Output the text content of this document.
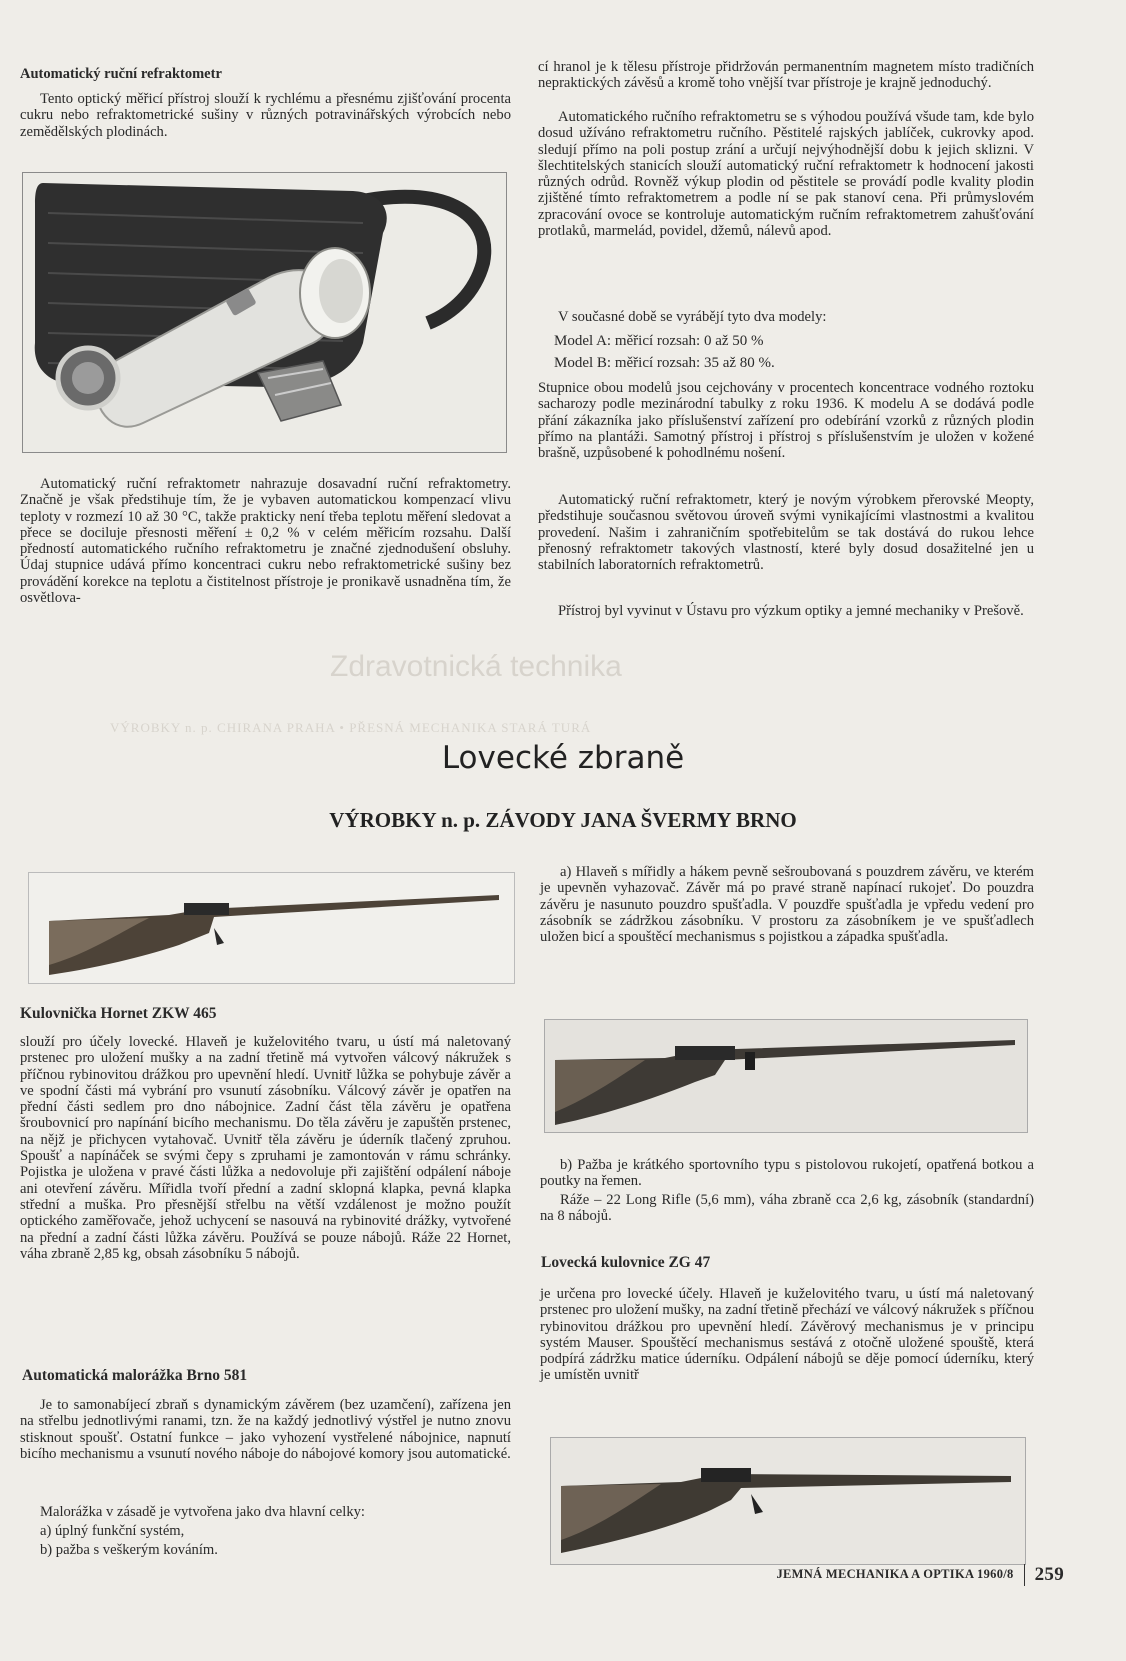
Zdravotnická technika
VÝROBKY n. p. CHIRANA PRAHA • PŘESNÁ MECHANIKA STARÁ TURÁ
Automatický ruční refraktometr

Tento optický měřicí přístroj slouží k rychlému a přesnému zjišťování procenta cukru nebo refraktometrické sušiny v různých potravinářských výrobcích nebo zemědělských plodinách.

Automatický ruční refraktometr nahrazuje dosavadní ruční refraktometry. Značně je však předstihuje tím, že je vybaven automatickou kompenzací vlivu teploty v rozmezí 10 až 30 °C, takže prakticky není třeba teplotu měření sledovat a přece se dociluje přesnosti měření ± 0,2 % v celém měřicím rozsahu. Další předností automatického ručního refraktometru je značné zjednodušení obsluhy. Údaj stupnice udává přímo koncentraci cukru nebo refraktometrické sušiny bez provádění korekce na teplotu a čistitelnost přístroje je pronikavě usnadněna tím, že osvětlova-

cí hranol je k tělesu přístroje přidržován permanentním magnetem místo tradičních nepraktických závěsů a kromě toho vnější tvar přístroje je krajně jednoduchý.

Automatického ručního refraktometru se s výhodou používá všude tam, kde bylo dosud užíváno refraktometru ručního. Pěstitelé rajských jablíček, cukrovky apod. sledují přímo na poli postup zrání a určují nejvýhodnější dobu k jejich sklizni. V šlechtitelských stanicích slouží automatický ruční refraktometr k hodnocení jakosti různých odrůd. Rovněž výkup plodin od pěstitele se provádí podle kvality plodin zjištěné tímto refraktometrem a podle ní se pak stanoví cena. Při průmyslovém zpracování ovoce se kontroluje automatickým ručním refraktometrem zahušťování protlaků, marmelád, povidel, džemů, nálevů apod.

V současné době se vyrábějí tyto dva modely:

Model A: měřicí rozsah: 0 až 50 %

Model B: měřicí rozsah: 35 až 80 %.

Stupnice obou modelů jsou cejchovány v procentech koncentrace vodného roztoku sacharozy podle mezinárodní tabulky z roku 1936. K modelu A se dodává podle přání zákazníka jako příslušenství zařízení pro odebírání vzorků z různých plodin přímo na plantáži. Samotný přístroj i přístroj s příslušenstvím je uložen v kožené brašně, uzpůsobené k pohodlnému nošení.

Automatický ruční refraktometr, který je novým výrobkem přerovské Meopty, předstihuje současnou světovou úroveň svými vynikajícími vlastnostmi a kvalitou provedení. Našim i zahraničním spotřebitelům se tak dostává do rukou lehce přenosný refraktometr takových vlastností, které byly dosud dosažitelné jen u stabilních laboratorních refraktometrů.

Přístroj byl vyvinut v Ústavu pro výzkum optiky a jemné mechaniky v Prešově.

Lovecké zbraně
VÝROBKY n. p. ZÁVODY JANA ŠVERMY BRNO
Kulovnička Hornet ZKW 465

slouží pro účely lovecké. Hlaveň je kuželovitého tvaru, u ústí má naletovaný prstenec pro uložení mušky a na zadní třetině má vytvořen válcový nákružek s příčnou rybinovitou drážkou pro upevnění hledí. Uvnitř lůžka se pohybuje závěr a ve spodní části má vybrání pro vsunutí zásobníku. Válcový závěr je opatřen na přední části sedlem pro dno nábojnice. Zadní část těla závěru je opatřena šroubovnicí pro napínání bicího mechanismu. Do těla závěru je zapuštěn prstenec, na nějž je přichycen vytahovač. Uvnitř těla závěru je úderník tlačený zpruhou. Spoušť a napínáček se svými čepy s zpruhami je zamontován v rámu schránky. Pojistka je uložena v pravé části lůžka a nedovoluje při zajištění odpálení náboje ani otevření závěru. Mířidla tvoří přední a zadní sklopná klapka, pevná klapka střední a muška. Pro přesnější střelbu na větší vzdálenost je možno použít optického zaměřovače, jehož uchycení se nasouvá na rybinovité drážky, vytvořené na přední a zadní části lůžka závěru. Používá se pouze nábojů. Ráže 22 Hornet, váha zbraně 2,85 kg, obsah zásobníku 5 nábojů.

Automatická malorážka Brno 581

Je to samonabíjecí zbraň s dynamickým závěrem (bez uzamčení), zařízena jen na střelbu jednotlivými ranami, tzn. že na každý jednotlivý výstřel je nutno znovu stisknout spoušť. Ostatní funkce – jako vyhození vystřelené nábojnice, napnutí bicího mechanismu a vsunutí nového náboje do nábojové komory jsou automatické.

Malorážka v zásadě je vytvořena jako dva hlavní celky:

a) úplný funkční systém,

b) pažba s veškerým kováním.

a) Hlaveň s mířidly a hákem pevně sešroubovaná s pouzdrem závěru, ve kterém je upevněn vyhazovač. Závěr má po pravé straně napínací rukojeť. Do pouzdra závěru je nasunuto pouzdro spušťadla. V pouzdře spušťadla je vpředu vedení pro zásobník se zádržkou zásobníku. V prostoru za zásobníkem je ve spušťadlech uložen bicí a spouštěcí mechanismus s pojistkou a západka spušťadla.

b) Pažba je krátkého sportovního typu s pistolovou rukojetí, opatřená botkou a poutky na řemen.

Ráže – 22 Long Rifle (5,6 mm), váha zbraně cca 2,6 kg, zásobník (standardní) na 8 nábojů.

Lovecká kulovnice ZG 47

je určena pro lovecké účely. Hlaveň je kuželovitého tvaru, u ústí má naletovaný prstenec pro uložení mušky, na zadní třetině přechází ve válcový nákružek s příčnou rybinovitou drážkou pro upevnění hledí. Závěrový mechanismus je v principu systém Mauser. Spouštěcí mechanismus sestává z otočně uložené spouště, která podpírá zádržku matice úderníku. Odpálení nábojů se děje pomocí úderníku, který je umístěn uvnitř

JEMNÁ MECHANIKA A OPTIKA 1960/8 259
